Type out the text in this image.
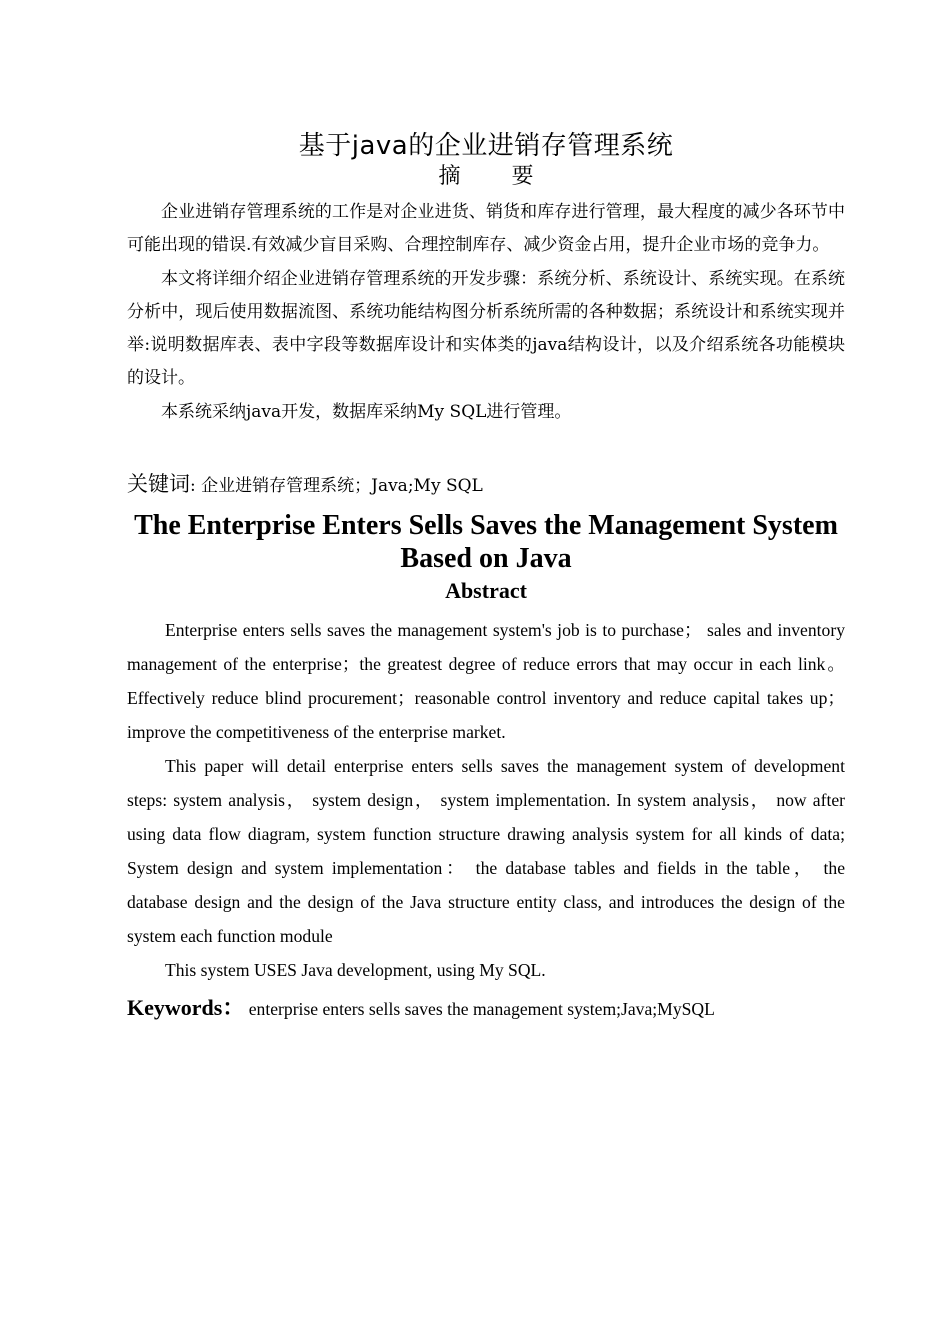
基于java的企业进销存管理系统
摘 要

企业进销存管理系统的工作是对企业进货、销货和库存进行管理，最大程度的减少各环节中可能出现的错误.有效减少盲目采购、合理控制库存、减少资金占用，提升企业市场的竞争力。

本文将详细介绍企业进销存管理系统的开发步骤：系统分析、系统设计、系统实现。在系统分析中，现后使用数据流图、系统功能结构图分析系统所需的各种数据；系统设计和系统实现并举:说明数据库表、表中字段等数据库设计和实体类的java结构设计，以及介绍系统各功能模块的设计。

本系统采纳java开发，数据库采纳My SQL进行管理。

关键词: 企业进销存管理系统；Java;My SQL
The Enterprise Enters Sells Saves the Management System Based on Java
Abstract

Enterprise enters sells saves the management system's job is to purchase； sales and inventory management of the enterprise；the greatest degree of reduce errors that may occur in each link。 Effectively reduce blind procurement；reasonable control inventory and reduce capital takes up； improve the competitiveness of the enterprise market.

This paper will detail enterprise enters sells saves the management system of development steps: system analysis， system design， system implementation. In system analysis， now after using data flow diagram, system function structure drawing analysis system for all kinds of data; System design and system implementation： the database tables and fields in the table， the database design and the design of the Java structure entity class, and introduces the design of the system each function module

This system USES Java development, using My SQL.

Keywords： enterprise enters sells saves the management system;Java;MySQL
